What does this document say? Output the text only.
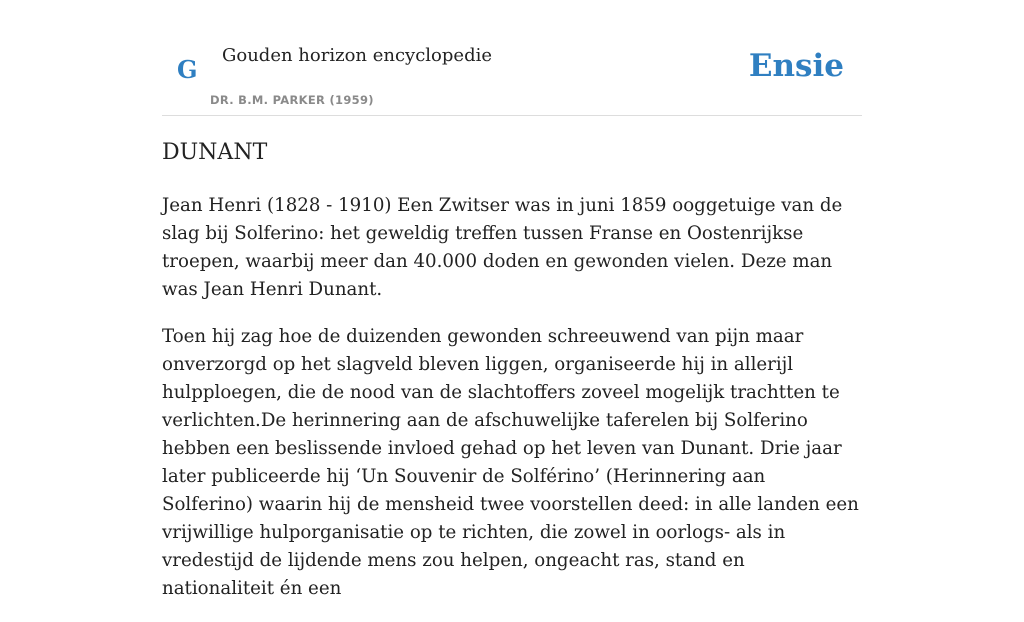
G Gouden horizon encyclopedie
DR. B.M. PARKER (1959)
Ensie
DUNANT

Jean Henri (1828 - 1910) Een Zwitser was in juni 1859 ooggetuige van de slag bij Solferino: het geweldig treffen tussen Franse en Oostenrijkse troepen, waarbij meer dan 40.000 doden en gewonden vielen. Deze man was Jean Henri Dunant.

Toen hij zag hoe de duizenden gewonden schreeuwend van pijn maar onverzorgd op het slagveld bleven liggen, organiseerde hij in allerijl hulpploegen, die de nood van de slachtoffers zoveel mogelijk trachtten te verlichten.De herinnering aan de afschuwelijke taferelen bij Solferino hebben een beslissende invloed gehad op het leven van Dunant. Drie jaar later publiceerde hij ‘Un Souvenir de Solférino’ (Herinnering aan Solferino) waarin hij de mensheid twee voorstellen deed: in alle landen een vrijwillige hulporganisatie op te richten, die zowel in oorlogs- als in vredestijd de lijdende mens zou helpen, ongeacht ras, stand en nationaliteit én een
